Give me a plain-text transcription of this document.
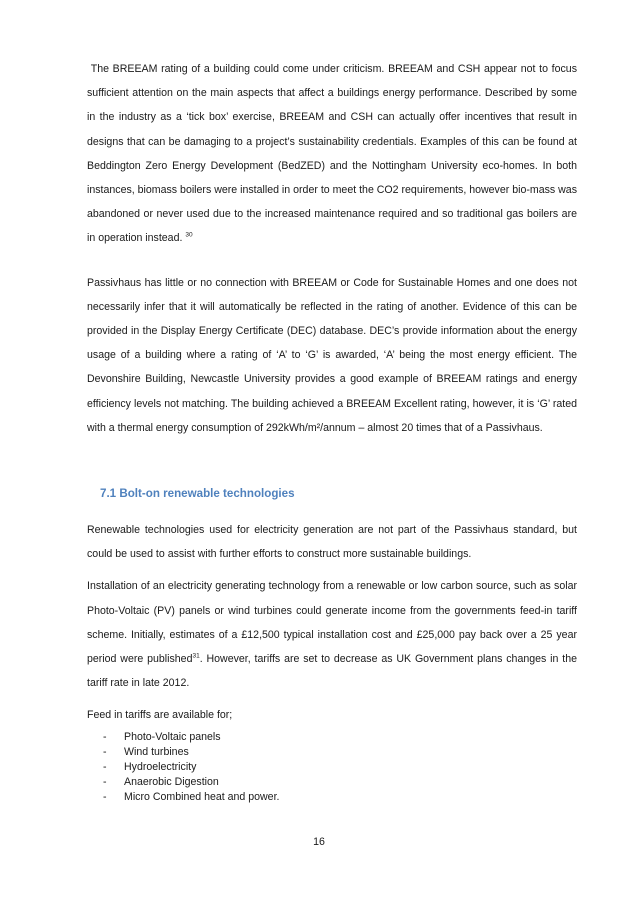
The BREEAM rating of a building could come under criticism. BREEAM and CSH appear not to focus sufficient attention on the main aspects that affect a buildings energy performance. Described by some in the industry as a ‘tick box’ exercise, BREEAM and CSH can actually offer incentives that result in designs that can be damaging to a project’s sustainability credentials. Examples of this can be found at Beddington Zero Energy Development (BedZED) and the Nottingham University eco-homes. In both instances, biomass boilers were installed in order to meet the CO2 requirements, however bio-mass was abandoned or never used due to the increased maintenance required and so traditional gas boilers are in operation instead. $^{30}$

Passivhaus has little or no connection with BREEAM or Code for Sustainable Homes and one does not necessarily infer that it will automatically be reflected in the rating of another. Evidence of this can be provided in the Display Energy Certificate (DEC) database. DEC’s provide information about the energy usage of a building where a rating of ‘A’ to ‘G’ is awarded, ‘A’ being the most energy efficient. The Devonshire Building, Newcastle University provides a good example of BREEAM ratings and energy efficiency levels not matching. The building achieved a BREEAM Excellent rating, however, it is ‘G’ rated with a thermal energy consumption of 292kWh/m²/annum – almost 20 times that of a Passivhaus.

7.1 Bolt-on renewable technologies

Renewable technologies used for electricity generation are not part of the Passivhaus standard, but could be used to assist with further efforts to construct more sustainable buildings.

Installation of an electricity generating technology from a renewable or low carbon source, such as solar Photo-Voltaic (PV) panels or wind turbines could generate income from the governments feed-in tariff scheme. Initially, estimates of a £12,500 typical installation cost and £25,000 pay back over a 25 year period were published$^{31}$. However, tariffs are set to decrease as UK Government plans changes in the tariff rate in late 2012.

Feed in tariffs are available for;

-	Photo-Voltaic panels
-	Wind turbines
-	Hydroelectricity
-	Anaerobic Digestion
-	Micro Combined heat and power.
16
